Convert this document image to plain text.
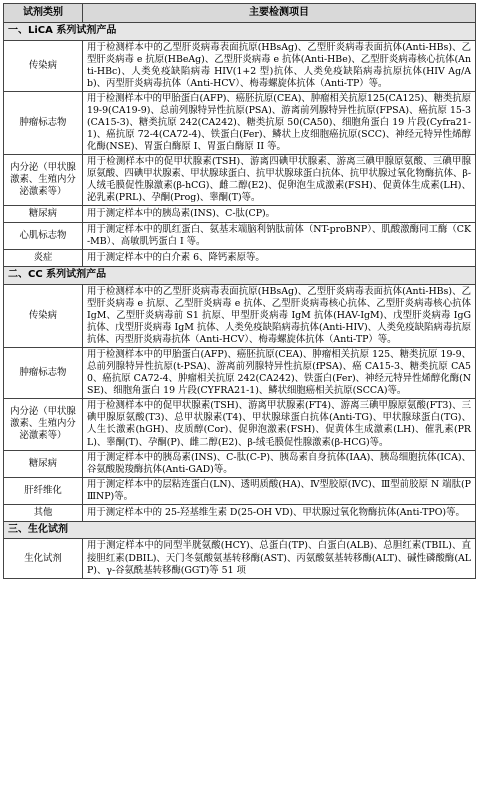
试剂类别	主要检测项目
一、LiCA 系列试剂产品	
传染病	用于检测样本中的乙型肝炎病毒表面抗原(HBsAg)、乙型肝炎病毒表面抗体(Anti-HBs)、乙型肝炎病毒 e 抗原(HBeAg)、乙型肝炎病毒 e 抗体(Anti-HBe)、乙型肝炎病毒核心抗体(Anti-HBc)、人类免疫缺陷病毒 HIV(1+2 型)抗体、人类免疫缺陷病毒抗原抗体(HIV Ag/Ab)、丙型肝炎病毒抗体（Anti-HCV）、梅毒螺旋体抗体（Anti-TP）等。
肿瘤标志物	用于检测样本中的甲胎蛋白(AFP)、癌胚抗原(CEA)、肿瘤相关抗原125(CA125)、糖类抗原 19-9(CA19-9)、总前列腺特异性抗原(PSA)、游离前列腺特异性抗原(FPSA)、癌抗原 15-3(CA15-3)、糖类抗原 242(CA242)、糖类抗原 50(CA50)、细胞角蛋白 19 片段(Cyfra21-1)、癌抗原 72-4(CA72-4)、铁蛋白(Fer)、鳞状上皮细胞癌抗原(SCC)、神经元特异性烯醇化酶(NSE)、胃蛋白酶原 I、胃蛋白酶原 II 等。
内分泌（甲状腺激素、生殖内分泌激素等）	用于检测样本中的促甲状腺素(TSH)、游离四碘甲状腺素、游离三碘甲腺原氨酸、三碘甲腺原氨酸、四碘甲状腺素、甲状腺球蛋白、抗甲状腺球蛋白抗体、抗甲状腺过氧化物酶抗体、β-人绒毛膜促性腺激素(β-hCG)、雌二醇(E2)、促卵泡生成激素(FSH)、促黄体生成素(LH)、泌乳素(PRL)、孕酮(Prog)、睾酮(T)等。
糖尿病	用于测定样本中的胰岛素(INS)、C-肽(CP)。
心肌标志物	用于测定样本中的肌红蛋白、氨基末端脑利钠肽前体（NT-proBNP）、肌酸激酶同工酶（CK-MB）、高敏肌钙蛋白 I 等。
炎症	用于测定样本中的白介素 6、降钙素原等。
二、CC 系列试剂产品	
传染病	用于检测样本中的乙型肝炎病毒表面抗原(HBsAg)、乙型肝炎病毒表面抗体(Anti-HBs)、乙型肝炎病毒 e 抗原、乙型肝炎病毒 e 抗体、乙型肝炎病毒核心抗体、乙型肝炎病毒核心抗体 IgM、乙型肝炎病毒前 S1 抗原、甲型肝炎病毒 IgM 抗体(HAV-IgM)、戊型肝炎病毒 IgG 抗体、戊型肝炎病毒 IgM 抗体、人类免疫缺陷病毒抗体(Anti-HIV)、人类免疫缺陷病毒抗原抗体、丙型肝炎病毒抗体（Anti-HCV）、梅毒螺旋体抗体（Anti-TP）等。
肿瘤标志物	用于检测样本中的甲胎蛋白(AFP)、癌胚抗原(CEA)、肿瘤相关抗原 125、糖类抗原 19-9、总前列腺特异性抗原(t-PSA)、游离前列腺特异性抗原(fPSA)、癌 CA15-3、糖类抗原 CA50、癌抗原 CA72-4、肿瘤相关抗原 242(CA242)、铁蛋白(Fer)、神经元特异性烯醇化酶(NSE)、细胞角蛋白 19 片段(CYFRA21-1)、鳞状细胞癌相关抗原(SCCA)等。
内分泌（甲状腺激素、生殖内分泌激素等）	用于检测样本中的促甲状腺素(TSH)、游离甲状腺素(FT4)、游离三碘甲腺原氨酸(FT3)、三碘甲腺原氨酸(T3)、总甲状腺素(T4)、甲状腺球蛋白抗体(Anti-TG)、甲状腺球蛋白(TG)、人生长激素(hGH)、皮质醇(Cor)、促卵泡激素(FSH)、促黄体生成激素(LH)、催乳素(PRL)、睾酮(T)、孕酮(P)、雌二醇(E2)、β-绒毛膜促性腺激素(β-HCG)等。
糖尿病	用于测定样本中的胰岛素(INS)、C-肽(C-P)、胰岛素自身抗体(IAA)、胰岛细胞抗体(ICA)、谷氨酸脱羧酶抗体(Anti-GAD)等。
肝纤维化	用于测定样本中的层粘连蛋白(LN)、透明质酸(HA)、Ⅳ型胶原(ⅣC)、Ⅲ型前胶原 N 端肽(PⅢNP)等。
其他	用于测定样本中的 25-羟基维生素 D(25-OH VD)、甲状腺过氧化物酶抗体(Anti-TPO)等。
三、生化试剂	
生化试剂	用于测定样本中的同型半胱氨酸(HCY)、总蛋白(TP)、白蛋白(ALB)、总胆红素(TBIL)、直接胆红素(DBIL)、天门冬氨酸氨基转移酶(AST)、丙氨酸氨基转移酶(ALT)、碱性磷酸酶(ALP)、γ-谷氨酰基转移酶(GGT)等 51 项
